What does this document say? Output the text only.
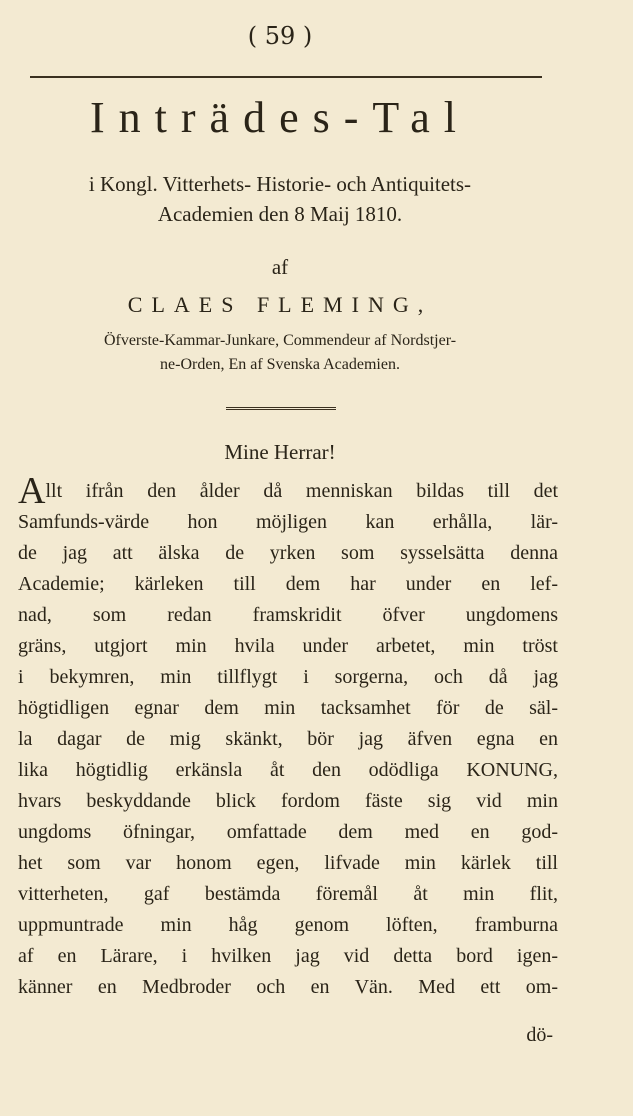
( 59 )
Inträdes-Tal
i Kongl. Vitterhets- Historie- och Antiquitets-
Academien den 8 Maij 1810.
af
CLAES FLEMING,
Öfverste-Kammar-Junkare, Commendeur af Nordstjer-
ne-Orden, En af Svenska Academien.
Mine Herrar!
A llt ifrån den ålder då menniskan bildas till det
Samfunds-värde hon möjligen kan erhålla, lär-
de jag att älska de yrken som sysselsätta denna
Academie; kärleken till dem har under en lef-
nad, som redan framskridit öfver ungdomens
gräns, utgjort min hvila under arbetet, min tröst
i bekymren, min tillflygt i sorgerna, och då jag
högtidligen egnar dem min tacksamhet för de säl-
la dagar de mig skänkt, bör jag äfven egna en
lika högtidlig erkänsla åt den odödliga KONUNG,
hvars beskyddande blick fordom fäste sig vid min
ungdoms öfningar, omfattade dem med en god-
het som var honom egen, lifvade min kärlek till
vitterheten, gaf bestämda föremål åt min flit,
uppmuntrade min håg genom löften, framburna
af en Lärare, i hvilken jag vid detta bord igen-
känner en Medbroder och en Vän. Med ett om-
dö-
